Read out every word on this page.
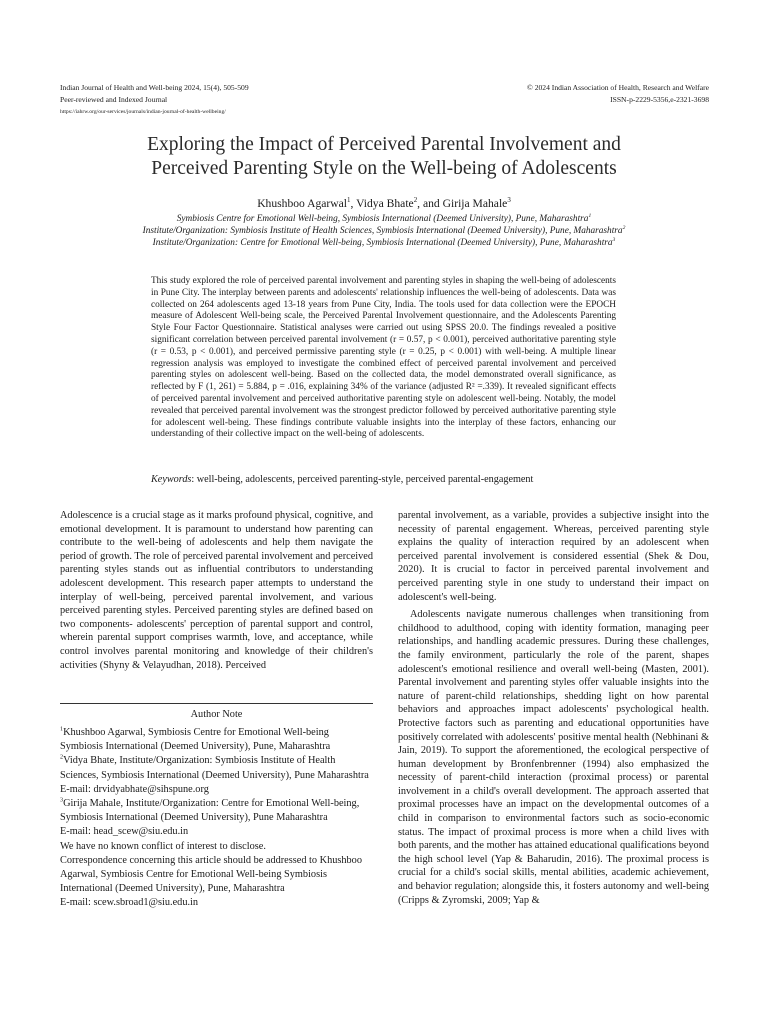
Indian Journal of Health and Well-being 2024, 15(4), 505-509
Peer-reviewed and Indexed Journal
https://iahrw.org/our-services/journals/indian-journal-of-health-wellbeing/
© 2024 Indian Association of Health, Research and Welfare
ISSN-p-2229-5356,e-2321-3698
Exploring the Impact of Perceived Parental Involvement and
Perceived Parenting Style on the Well-being of Adolescents
Khushboo Agarwal$^1$, Vidya Bhate$^2$, and Girija Mahale$^3$
Symbiosis Centre for Emotional Well-being, Symbiosis International (Deemed University), Pune, Maharashtra$^1$
Institute/Organization: Symbiosis Institute of Health Sciences, Symbiosis International (Deemed University), Pune, Maharashtra$^2$
Institute/Organization: Centre for Emotional Well-being, Symbiosis International (Deemed University), Pune, Maharashtra$^3$

This study explored the role of perceived parental involvement and parenting styles in shaping the well-being of adolescents in Pune City. The interplay between parents and adolescents' relationship influences the well-being of adolescents. Data was collected on 264 adolescents aged 13-18 years from Pune City, India. The tools used for data collection were the EPOCH measure of Adolescent Well-being scale, the Perceived Parental Involvement questionnaire, and the Adolescents Parenting Style Four Factor Questionnaire. Statistical analyses were carried out using SPSS 20.0. The findings revealed a positive significant correlation between perceived parental involvement (r = 0.57, p < 0.001), perceived authoritative parenting style (r = 0.53, p < 0.001), and perceived permissive parenting style (r = 0.25, p < 0.001) with well-being. A multiple linear regression analysis was employed to investigate the combined effect of perceived parental involvement and perceived parenting styles on adolescent well-being. Based on the collected data, the model demonstrated overall significance, as reflected by F (1, 261) = 5.884, p = .016, explaining 34% of the variance (adjusted R² =.339). It revealed significant effects of perceived parental involvement and perceived authoritative parenting style on adolescent well-being. Notably, the model revealed that perceived parental involvement was the strongest predictor followed by perceived authoritative parenting style for adolescent well-being. These findings contribute valuable insights into the interplay of these factors, enhancing our understanding of their collective impact on the well-being of adolescents.

Keywords: well-being, adolescents, perceived parenting-style, perceived parental-engagement

Adolescence is a crucial stage as it marks profound physical, cognitive, and emotional development. It is paramount to understand how parenting can contribute to the well-being of adolescents and help them navigate the period of growth. The role of perceived parental involvement and perceived parenting styles stands out as influential contributors to understanding adolescent development. This research paper attempts to understand the interplay of well-being, perceived parental involvement, and various perceived parenting styles. Perceived parenting styles are defined based on two components- adolescents' perception of parental support and control, wherein parental support comprises warmth, love, and acceptance, while control involves parental monitoring and knowledge of their children's activities (Shyny & Velayudhan, 2018). Perceived

Author Note
$^1$Khushboo Agarwal, Symbiosis Centre for Emotional Well-being Symbiosis International (Deemed University), Pune, Maharashtra
$^2$Vidya Bhate, Institute/Organization: Symbiosis Institute of Health Sciences, Symbiosis International (Deemed University), Pune Maharashtra
E-mail: drvidyabhate@sihspune.org
$^3$Girija Mahale, Institute/Organization: Centre for Emotional Well-being, Symbiosis International (Deemed University), Pune Maharashtra
E-mail: head_scew@siu.edu.in
We have no known conflict of interest to disclose.
Correspondence concerning this article should be addressed to Khushboo Agarwal, Symbiosis Centre for Emotional Well-being Symbiosis International (Deemed University), Pune, Maharashtra
E-mail: scew.sbroad1@siu.edu.in

parental involvement, as a variable, provides a subjective insight into the necessity of parental engagement. Whereas, perceived parenting style explains the quality of interaction required by an adolescent when perceived parental involvement is considered essential (Shek & Dou, 2020). It is crucial to factor in perceived parental involvement and perceived parenting style in one study to understand their impact on adolescent's well-being.

Adolescents navigate numerous challenges when transitioning from childhood to adulthood, coping with identity formation, managing peer relationships, and handling academic pressures. During these challenges, the family environment, particularly the role of the parent, shapes adolescent's emotional resilience and overall well-being (Masten, 2001). Parental involvement and parenting styles offer valuable insights into the nature of parent-child relationships, shedding light on how parental behaviors and approaches impact adolescents' psychological health. Protective factors such as parenting and educational opportunities have positively correlated with adolescents' positive mental health (Nebhinani & Jain, 2019). To support the aforementioned, the ecological perspective of human development by Bronfenbrenner (1994) also emphasized the necessity of parent-child interaction (proximal process) or parental involvement in a child's overall development. The approach asserted that proximal processes have an impact on the developmental outcomes of a child in comparison to environmental factors such as socio-economic status. The impact of proximal process is more when a child lives with both parents, and the mother has attained educational qualifications beyond the high school level (Yap & Baharudin, 2016). The proximal process is crucial for a child's social skills, mental abilities, academic achievement, and behavior regulation; alongside this, it fosters autonomy and well-being (Cripps & Zyromski, 2009; Yap &
